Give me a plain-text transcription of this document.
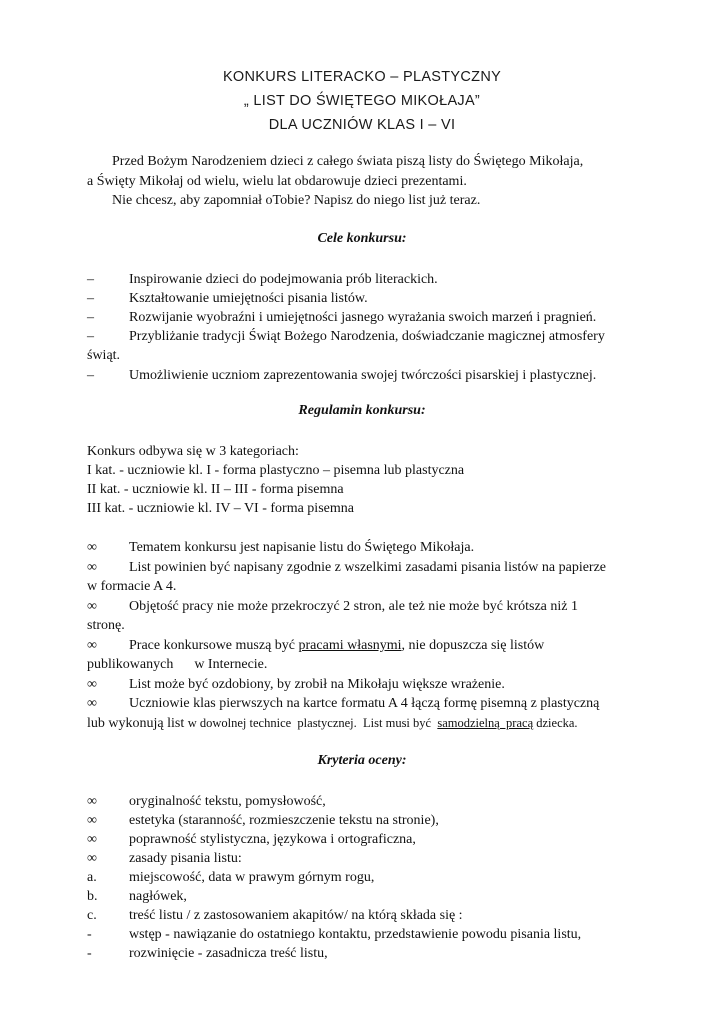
KONKURS LITERACKO – PLASTYCZNY
„ LIST DO ŚWIĘTEGO MIKOŁAJA”
DLA UCZNIÓW KLAS I – VI
Przed Bożym Narodzeniem dzieci z całego świata piszą listy do Świętego Mikołaja,
a Święty Mikołaj od wielu, wielu lat obdarowuje dzieci prezentami.
Nie chcesz, aby zapomniał oTobie? Napisz do niego list już teraz.
Cele konkursu:
–	Inspirowanie dzieci do podejmowania prób literackich.
–	Kształtowanie umiejętności pisania listów.
–	Rozwijanie wyobraźni i umiejętności jasnego wyrażania swoich marzeń i pragnień.
–	Przybliżanie tradycji Świąt Bożego Narodzenia, doświadczanie magicznej atmosfery
świąt.
–	Umożliwienie uczniom zaprezentowania swojej twórczości pisarskiej i plastycznej.
Regulamin konkursu:
Konkurs odbywa się w 3 kategoriach:
I kat. - uczniowie kl. I - forma plastyczno – pisemna lub plastyczna
II kat. - uczniowie kl. II – III - forma pisemna
III kat. - uczniowie kl. IV – VI - forma pisemna
∞	Tematem konkursu jest napisanie listu do Świętego Mikołaja.
∞	List powinien być napisany zgodnie z wszelkimi zasadami pisania listów na papierze
w formacie A 4.
∞	Objętość pracy nie może przekroczyć 2 stron, ale też nie może być krótsza niż 1
stronę.
∞	Prace konkursowe muszą być pracami własnymi, nie dopuszcza się listów
publikowanych      w Internecie.
∞	List może być ozdobiony, by zrobił na Mikołaju większe wrażenie.
∞	Uczniowie klas pierwszych na kartce formatu A 4 łączą formę pisemną z plastyczną
lub wykonują list w dowolnej technice  plastycznej.  List musi być  samodzielną  pracą dziecka.
Kryteria oceny:
∞	oryginalność tekstu, pomysłowość,
∞	estetyka (staranność, rozmieszczenie tekstu na stronie),
∞	poprawność stylistyczna, językowa i ortograficzna,
∞	zasady pisania listu:
a.	miejscowość, data w prawym górnym rogu,
b.	nagłówek,
c.	treść listu / z zastosowaniem akapitów/ na którą składa się :
-	wstęp - nawiązanie do ostatniego kontaktu, przedstawienie powodu pisania listu,
-	rozwinięcie - zasadnicza treść listu,
